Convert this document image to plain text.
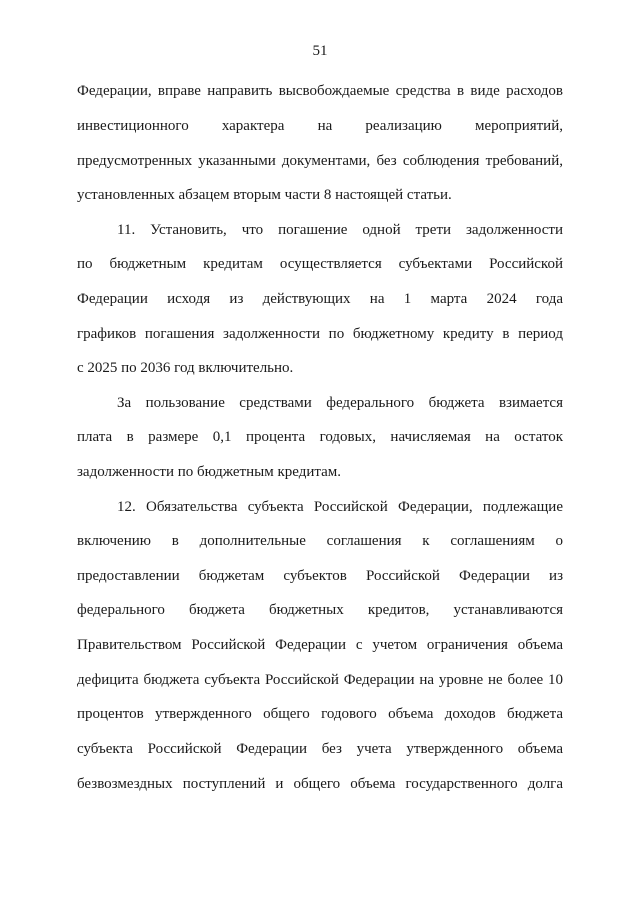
51
Федерации, вправе направить высвобождаемые средства в виде расходов
инвестиционного характера на реализацию мероприятий,
предусмотренных указанными документами, без соблюдения требований,
установленных абзацем вторым части 8 настоящей статьи.
11. Установить, что погашение одной трети задолженности
по бюджетным кредитам осуществляется субъектами Российской
Федерации исходя из действующих на 1 марта 2024 года
графиков погашения задолженности по бюджетному кредиту в период
с 2025 по 2036 год включительно.
За пользование средствами федерального бюджета взимается
плата в размере 0,1 процента годовых, начисляемая на остаток
задолженности по бюджетным кредитам.
12. Обязательства субъекта Российской Федерации, подлежащие
включению в дополнительные соглашения к соглашениям о
предоставлении бюджетам субъектов Российской Федерации из
федерального бюджета бюджетных кредитов, устанавливаются
Правительством Российской Федерации с учетом ограничения объема
дефицита бюджета субъекта Российской Федерации на уровне не более 10
процентов утвержденного общего годового объема доходов бюджета
субъекта Российской Федерации без учета утвержденного объема
безвозмездных поступлений и общего объема государственного долга
